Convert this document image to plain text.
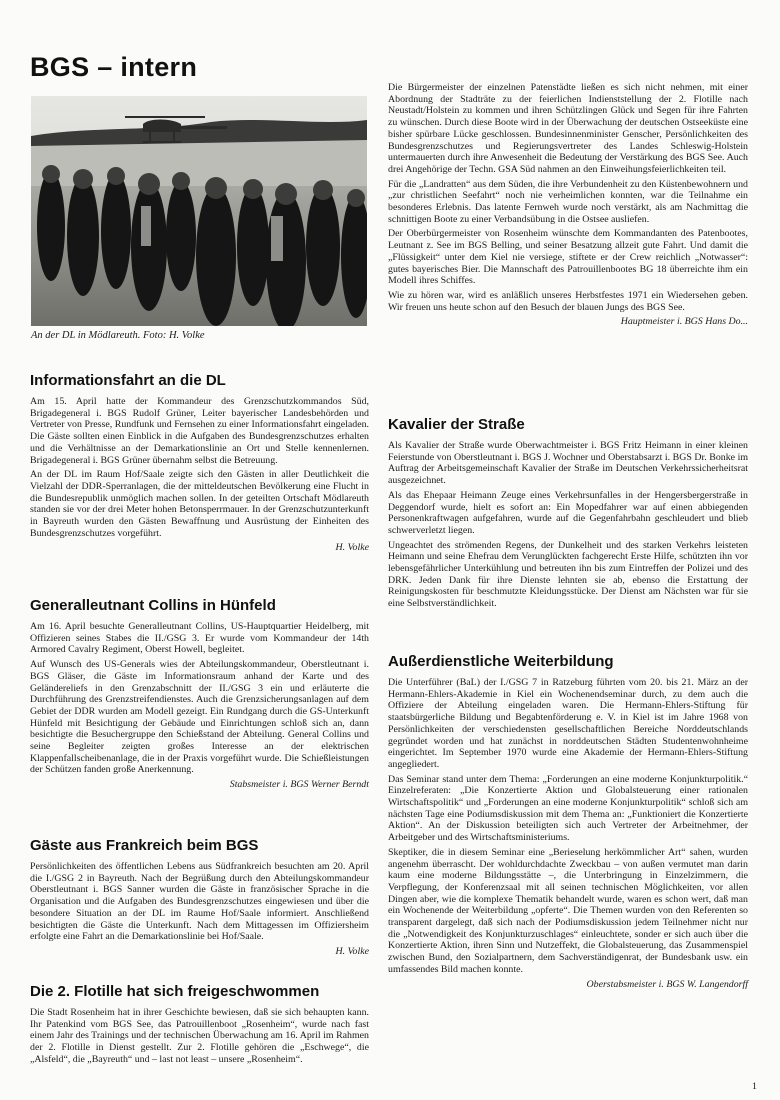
BGS – intern
An der DL in Mödlareuth. Foto: H. Volke
Informationsfahrt an die DL

Am 15. April hatte der Kommandeur des Grenzschutzkommandos Süd, Brigadegeneral i. BGS Rudolf Grüner, Leiter bayerischer Landesbehörden und Vertreter von Presse, Rundfunk und Fernsehen zu einer Informationsfahrt eingeladen. Die Gäste sollten einen Einblick in die Aufgaben des Bundesgrenzschutzes erhalten und die Verhältnisse an der Demarkationslinie an Ort und Stelle kennenlernen. Brigadegeneral i. BGS Grüner übernahm selbst die Betreuung.

An der DL im Raum Hof/Saale zeigte sich den Gästen in aller Deutlichkeit die Vielzahl der DDR-Sperranlagen, die der mitteldeutschen Bevölkerung eine Flucht in die Bundesrepublik unmöglich machen sollen. In der geteilten Ortschaft Mödlareuth standen sie vor der drei Meter hohen Betonsperrmauer. In der Grenzschutzunterkunft in Bayreuth wurden den Gästen Bewaffnung und Ausrüstung der Einheiten des Bundesgrenzschutzes vorgeführt.

H. Volke
Generalleutnant Collins in Hünfeld

Am 16. April besuchte Generalleutnant Collins, US-Hauptquartier Heidelberg, mit Offizieren seines Stabes die II./GSG 3. Er wurde vom Kommandeur der 14th Armored Cavalry Regiment, Oberst Howell, begleitet.

Auf Wunsch des US-Generals wies der Abteilungskommandeur, Oberstleutnant i. BGS Gläser, die Gäste im Informationsraum anhand der Karte und des Geländereliefs in den Grenzabschnitt der II./GSG 3 ein und erläuterte die Durchführung des Grenzstreifendienstes. Auch die Grenzsicherungsanlagen auf dem Gebiet der DDR wurden am Modell gezeigt. Ein Rundgang durch die GS-Unterkunft Hünfeld mit Besichtigung der Gebäude und Einrichtungen schloß sich an, dann besichtigte die Besuchergruppe den Schießstand der Abteilung. General Collins und seine Begleiter zeigten großes Interesse an der elektrischen Klappenfallscheibenanlage, die in der Praxis vorgeführt wurde. Die Schießleistungen der Schützen fanden große Anerkennung.

Stabsmeister i. BGS Werner Berndt
Gäste aus Frankreich beim BGS

Persönlichkeiten des öffentlichen Lebens aus Südfrankreich besuchten am 20. April die I./GSG 2 in Bayreuth. Nach der Begrüßung durch den Abteilungskommandeur Oberstleutnant i. BGS Sanner wurden die Gäste in französischer Sprache in die Organisation und die Aufgaben des Bundesgrenzschutzes eingewiesen und über die besondere Situation an der DL im Raume Hof/Saale informiert. Anschließend besichtigten die Gäste die Unterkunft. Nach dem Mittagessen im Offiziersheim erfolgte eine Fahrt an die Demarkationslinie bei Hof/Saale.

H. Volke
Die 2. Flotille hat sich freigeschwommen

Die Stadt Rosenheim hat in ihrer Geschichte bewiesen, daß sie sich behaupten kann. Ihr Patenkind vom BGS See, das Patrouillenboot „Rosenheim“, wurde nach fast einem Jahr des Trainings und der technischen Überwachung am 16. April im Rahmen der 2. Flotille in Dienst gestellt. Zur 2. Flotille gehören die „Eschwege“, die „Alsfeld“, die „Bayreuth“ und – last not least – unsere „Rosenheim“.

Die Bürgermeister der einzelnen Patenstädte ließen es sich nicht nehmen, mit einer Abordnung der Stadträte zu der feierlichen Indienststellung der 2. Flotille nach Neustadt/Holstein zu kommen und ihren Schützlingen Glück und Segen für ihre Fahrten zu wünschen. Durch diese Boote wird in der Überwachung der deutschen Ostseeküste eine bisher spürbare Lücke geschlossen. Bundesinnenminister Genscher, Persönlichkeiten des Bundesgrenzschutzes und Regierungsvertreter des Landes Schleswig-Holstein untermauerten durch ihre Anwesenheit die Bedeutung der Verstärkung des BGS See. Auch drei Angehörige der Techn. GSA Süd nahmen an den Einweihungsfeierlichkeiten teil.

Für die „Landratten“ aus dem Süden, die ihre Verbundenheit zu den Küstenbewohnern und „zur christlichen Seefahrt“ noch nie verheimlichen konnten, war die Teilnahme ein besonderes Erlebnis. Das latente Fernweh wurde noch verstärkt, als am Nachmittag die schnittigen Boote zu einer Verbandsübung in die Ostsee ausliefen.

Der Oberbürgermeister von Rosenheim wünschte dem Kommandanten des Patenbootes, Leutnant z. See im BGS Belling, und seiner Besatzung allzeit gute Fahrt. Und damit die „Flüssigkeit“ unter dem Kiel nie versiege, stiftete er der Crew reichlich „Notwasser“: gutes bayerisches Bier. Die Mannschaft des Patrouillenbootes BG 18 überreichte ihm ein Modell ihres Schiffes.

Wie zu hören war, wird es anläßlich unseres Herbstfestes 1971 ein Wiedersehen geben. Wir freuen uns heute schon auf den Besuch der blauen Jungs des BGS See.

Hauptmeister i. BGS Hans Do...
Kavalier der Straße

Als Kavalier der Straße wurde Oberwachtmeister i. BGS Fritz Heimann in einer kleinen Feierstunde von Oberstleutnant i. BGS J. Wochner und Oberstabsarzt i. BGS Dr. Bonke im Auftrag der Arbeitsgemeinschaft Kavalier der Straße im Deutschen Verkehrssicherheitsrat ausgezeichnet.

Als das Ehepaar Heimann Zeuge eines Verkehrsunfalles in der Hengersbergerstraße in Deggendorf wurde, hielt es sofort an: Ein Mopedfahrer war auf einen abbiegenden Personenkraftwagen aufgefahren, wurde auf die Gegenfahrbahn geschleudert und blieb schwerverletzt liegen.

Ungeachtet des strömenden Regens, der Dunkelheit und des starken Verkehrs leisteten Heimann und seine Ehefrau dem Verunglückten fachgerecht Erste Hilfe, schützten ihn vor lebensgefährlicher Unterkühlung und betreuten ihn bis zum Eintreffen der Polizei und des DRK. Jeden Dank für ihre Dienste lehnten sie ab, ebenso die Erstattung der Reinigungskosten für beschmutzte Kleidungsstücke. Der Dienst am Nächsten war für sie eine Selbstverständlichkeit.

Außerdienstliche Weiterbildung

Die Unterführer (BaL) der I./GSG 7 in Ratzeburg führten vom 20. bis 21. März an der Hermann-Ehlers-Akademie in Kiel ein Wochenendseminar durch, zu dem auch die Offiziere der Abteilung eingeladen waren. Die Hermann-Ehlers-Stiftung für staatsbürgerliche Bildung und Begabtenförderung e. V. in Kiel ist im Jahre 1968 von Persönlichkeiten der verschiedensten gesellschaftlichen Bereiche Norddeutschlands gegründet worden und hat zunächst in norddeutschen Städten Studentenwohnheime eingerichtet. Im September 1970 wurde eine Akademie der Hermann-Ehlers-Stiftung angegliedert.

Das Seminar stand unter dem Thema: „Forderungen an eine moderne Konjunkturpolitik.“ Einzelreferaten: „Die Konzertierte Aktion und Globalsteuerung einer rationalen Wirtschaftspolitik“ und „Forderungen an eine moderne Konjunkturpolitik“ schloß sich am nächsten Tage eine Podiumsdiskussion mit dem Thema an: „Funktioniert die Konzertierte Aktion“. An der Diskussion beteiligten sich auch Vertreter der Arbeitnehmer, der Arbeitgeber und des Wirtschaftsministeriums.

Skeptiker, die in diesem Seminar eine „Berieselung herkömmlicher Art“ sahen, wurden angenehm überrascht. Der wohldurchdachte Zweckbau – von außen vermutet man darin kaum eine moderne Bildungsstätte –, die Unterbringung in Einzelzimmern, die Verpflegung, der Konferenzsaal mit all seinen technischen Möglichkeiten, vor allen Dingen aber, wie die komplexe Thematik behandelt wurde, waren es schon wert, daß man ein Wochenende der Weiterbildung „opferte“. Die Themen wurden von den Referenten so transparent dargelegt, daß sich nach der Podiumsdiskussion jedem Teilnehmer nicht nur die „Notwendigkeit des Konjunkturzuschlages“ einleuchtete, sonder er sich auch über die Konzertierte Aktion, ihren Sinn und Nutzeffekt, die Globalsteuerung, das Zusammenspiel zwischen Bund, den Sozialpartnern, dem Sachverständigenrat, der Bundesbank usw. ein umfassendes Bild machen konnte.

Oberstabsmeister i. BGS W. Langendorff
1
